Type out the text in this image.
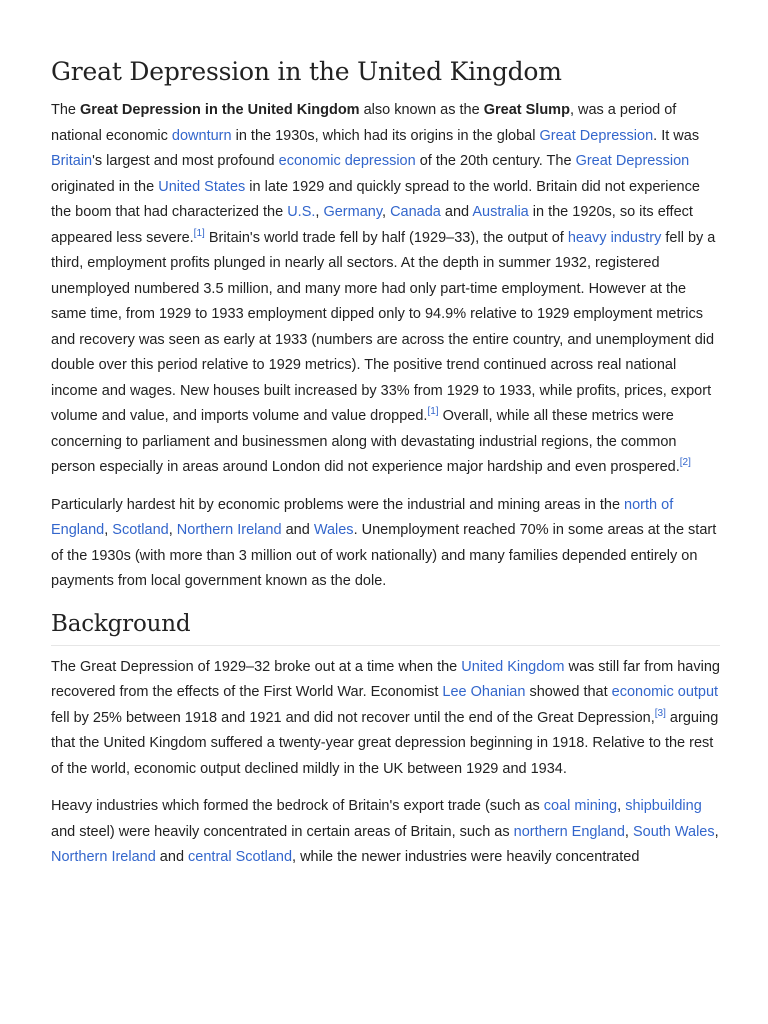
Great Depression in the United Kingdom

The Great Depression in the United Kingdom also known as the Great Slump, was a period of national economic downturn in the 1930s, which had its origins in the global Great Depression. It was Britain's largest and most profound economic depression of the 20th century. The Great Depression originated in the United States in late 1929 and quickly spread to the world. Britain did not experience the boom that had characterized the U.S., Germany, Canada and Australia in the 1920s, so its effect appeared less severe.[1] Britain's world trade fell by half (1929–33), the output of heavy industry fell by a third, employment profits plunged in nearly all sectors. At the depth in summer 1932, registered unemployed numbered 3.5 million, and many more had only part-time employment. However at the same time, from 1929 to 1933 employment dipped only to 94.9% relative to 1929 employment metrics and recovery was seen as early at 1933 (numbers are across the entire country, and unemployment did double over this period relative to 1929 metrics). The positive trend continued across real national income and wages. New houses built increased by 33% from 1929 to 1933, while profits, prices, export volume and value, and imports volume and value dropped.[1] Overall, while all these metrics were concerning to parliament and businessmen along with devastating industrial regions, the common person especially in areas around London did not experience major hardship and even prospered.[2]

Particularly hardest hit by economic problems were the industrial and mining areas in the north of England, Scotland, Northern Ireland and Wales. Unemployment reached 70% in some areas at the start of the 1930s (with more than 3 million out of work nationally) and many families depended entirely on payments from local government known as the dole.

Background

The Great Depression of 1929–32 broke out at a time when the United Kingdom was still far from having recovered from the effects of the First World War. Economist Lee Ohanian showed that economic output fell by 25% between 1918 and 1921 and did not recover until the end of the Great Depression,[3] arguing that the United Kingdom suffered a twenty-year great depression beginning in 1918. Relative to the rest of the world, economic output declined mildly in the UK between 1929 and 1934.

Heavy industries which formed the bedrock of Britain's export trade (such as coal mining, shipbuilding and steel) were heavily concentrated in certain areas of Britain, such as northern England, South Wales, Northern Ireland and central Scotland, while the newer industries were heavily concentrated
